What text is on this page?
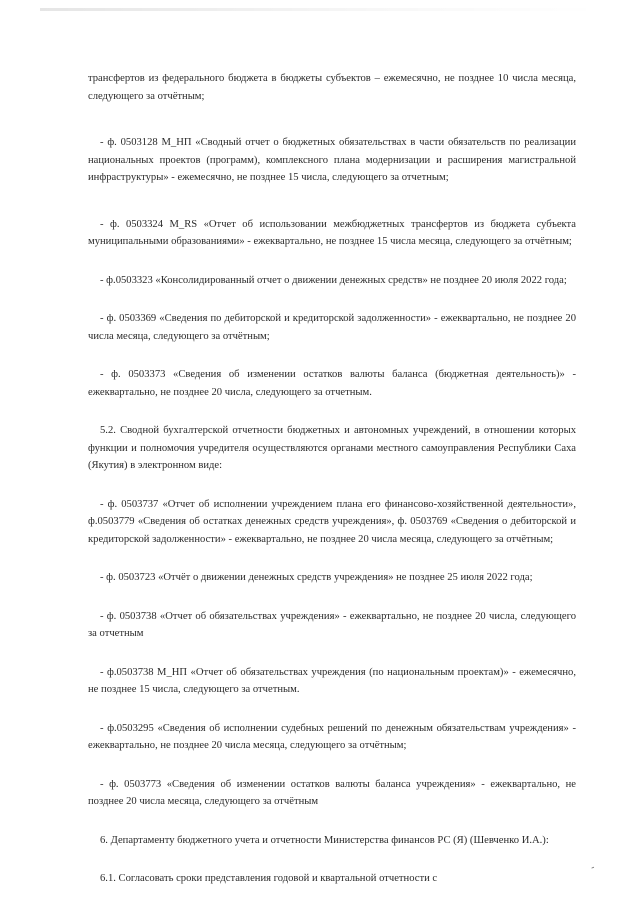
трансфертов из федерального бюджета в бюджеты субъектов – ежемесячно, не позднее 10 числа месяца, следующего за отчётным;

- ф. 0503128 M_НП «Сводный отчет о бюджетных обязательствах в части обязательств по реализации национальных проектов (программ), комплексного плана модернизации и расширения магистральной инфраструктуры» - ежемесячно, не позднее 15 числа, следующего за отчетным;

- ф. 0503324 M_RS «Отчет об использовании межбюджетных трансфертов из бюджета субъекта муниципальными образованиями» - ежеквартально, не позднее 15 числа месяца, следующего за отчётным;

- ф.0503323 «Консолидированный отчет о движении денежных средств» не позднее 20 июля 2022 года;

- ф. 0503369 «Сведения по дебиторской и кредиторской задолженности» - ежеквартально, не позднее 20 числа месяца, следующего за отчётным;

- ф. 0503373 «Сведения об изменении остатков валюты баланса (бюджетная деятельность)» - ежеквартально, не позднее 20 числа, следующего за отчетным.

5.2. Сводной бухгалтерской отчетности бюджетных и автономных учреждений, в отношении которых функции и полномочия учредителя осуществляются органами местного самоуправления Республики Саха (Якутия) в электронном виде:

- ф. 0503737 «Отчет об исполнении учреждением плана его финансово-хозяйственной деятельности», ф.0503779 «Сведения об остатках денежных средств учреждения», ф. 0503769 «Сведения о дебиторской и кредиторской задолженности» - ежеквартально, не позднее 20 числа месяца, следующего за отчётным;

- ф. 0503723 «Отчёт о движении денежных средств учреждения» не позднее 25 июля 2022 года;

- ф. 0503738 «Отчет об обязательствах учреждения» - ежеквартально, не позднее 20 числа, следующего за отчетным

- ф.0503738 M_НП «Отчет об обязательствах учреждения (по национальным проектам)» - ежемесячно, не позднее 15 числа, следующего за отчетным.

- ф.0503295 «Сведения об исполнении судебных решений по денежным обязательствам учреждения» - ежеквартально, не позднее 20 числа месяца, следующего за отчётным;

- ф. 0503773 «Сведения об изменении остатков валюты баланса учреждения» - ежеквартально, не позднее 20 числа месяца, следующего за отчётным

6. Департаменту бюджетного учета и отчетности Министерства финансов РС (Я) (Шевченко И.А.):

6.1. Согласовать сроки представления годовой и квартальной отчетности с

-
